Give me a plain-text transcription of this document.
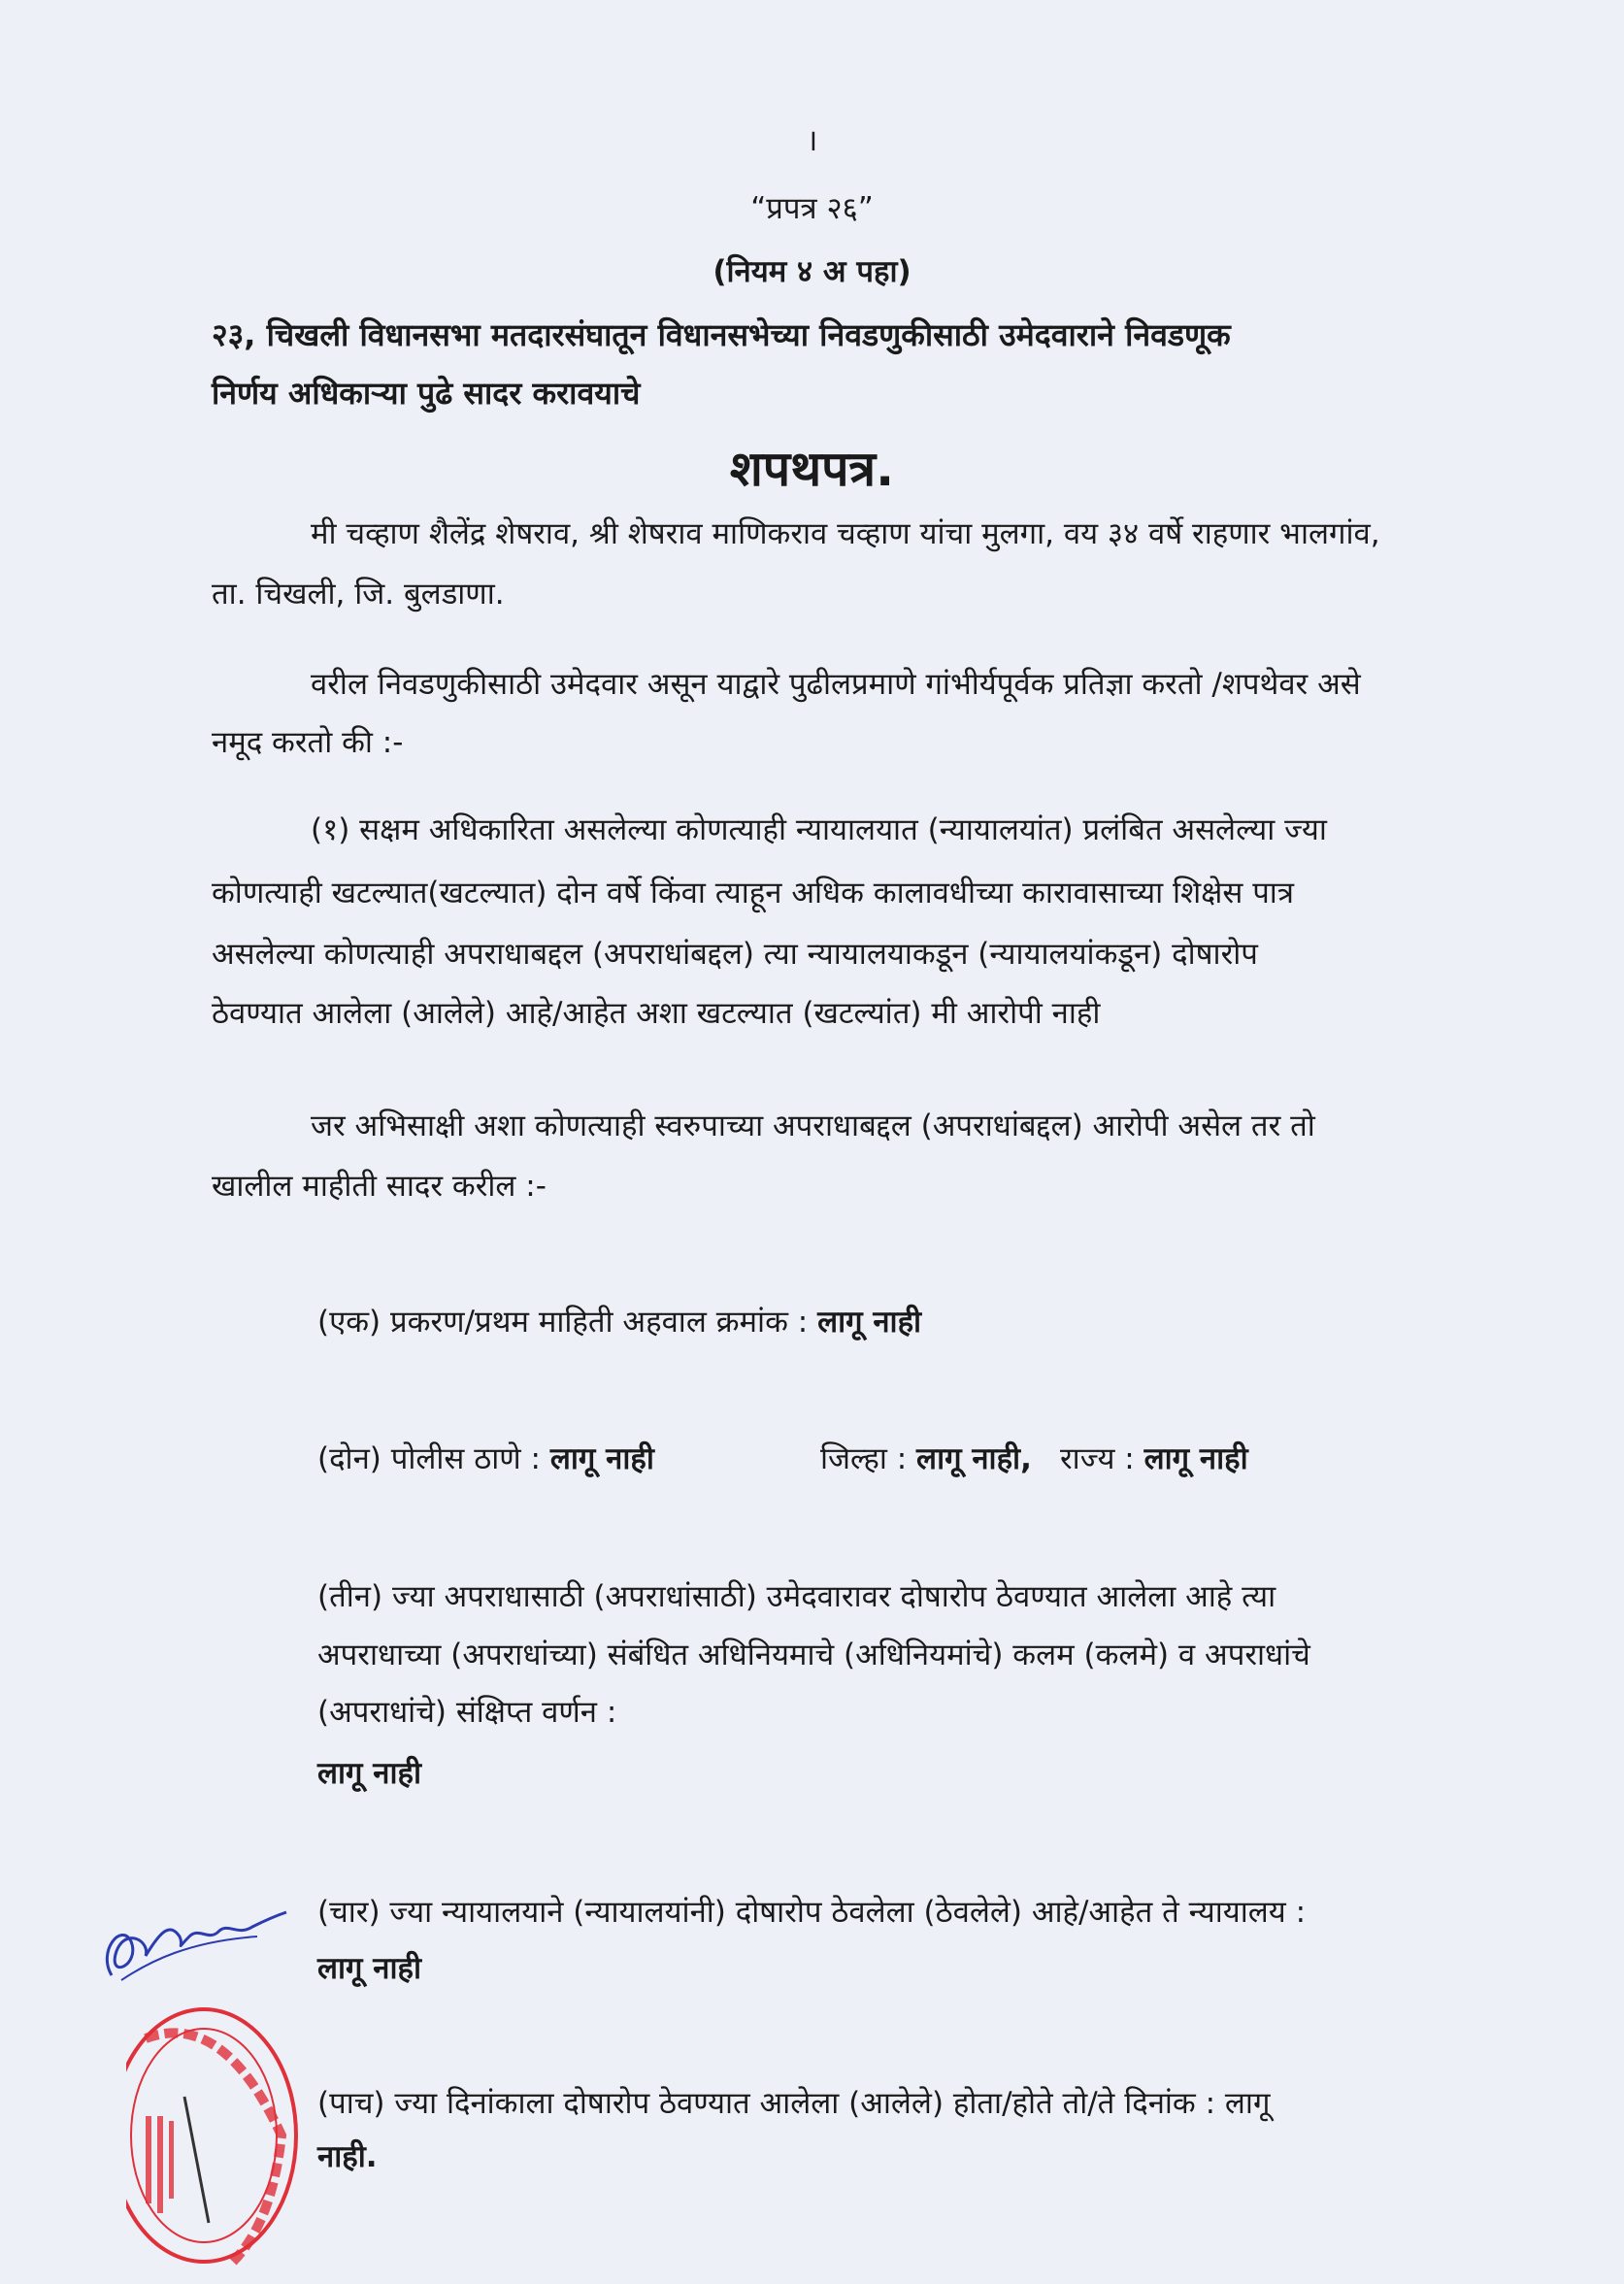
।
“प्रपत्र २६”
(नियम ४ अ पहा)
२३, चिखली विधानसभा मतदारसंघातून विधानसभेच्या निवडणुकीसाठी उमेदवाराने निवडणूक
निर्णय अधिकाऱ्या पुढे सादर करावयाचे
शपथपत्र.
मी चव्हाण शैलेंद्र शेषराव, श्री शेषराव माणिकराव चव्हाण यांचा मुलगा, वय ३४ वर्षे राहणार भालगांव,
ता. चिखली, जि. बुलडाणा.
वरील निवडणुकीसाठी उमेदवार असून याद्वारे पुढीलप्रमाणे गांभीर्यपूर्वक प्रतिज्ञा करतो /शपथेवर असे
नमूद करतो की :-
(१) सक्षम अधिकारिता असलेल्या कोणत्याही न्यायालयात (न्यायालयांत) प्रलंबित असलेल्या ज्या
कोणत्याही खटल्यात(खटल्यात) दोन वर्षे किंवा त्याहून अधिक कालावधीच्या कारावासाच्या शिक्षेस पात्र
असलेल्या कोणत्याही अपराधाबद्दल (अपराधांबद्दल) त्या न्यायालयाकडून (न्यायालयांकडून) दोषारोप
ठेवण्यात आलेला (आलेले) आहे/आहेत अशा खटल्यात (खटल्यांत) मी आरोपी नाही
जर अभिसाक्षी अशा कोणत्याही स्वरुपाच्या अपराधाबद्दल (अपराधांबद्दल) आरोपी असेल तर तो
खालील माहीती सादर करील :-
(एक) प्रकरण/प्रथम माहिती अहवाल क्रमांक : लागू नाही
(दोन) पोलीस ठाणे : लागू नाही	जिल्हा : लागू नाही, राज्य : लागू नाही
(तीन) ज्या अपराधासाठी (अपराधांसाठी) उमेदवारावर दोषारोप ठेवण्यात आलेला आहे त्या
अपराधाच्या (अपराधांच्या) संबंधित अधिनियमाचे (अधिनियमांचे) कलम (कलमे) व अपराधांचे
(अपराधांचे) संक्षिप्त वर्णन :
लागू नाही
(चार) ज्या न्यायालयाने (न्यायालयांनी) दोषारोप ठेवलेला (ठेवलेले) आहे/आहेत ते न्यायालय :
लागू नाही
(पाच) ज्या दिनांकाला दोषारोप ठेवण्यात आलेला (आलेले) होता/होते तो/ते दिनांक : लागू
नाही.
